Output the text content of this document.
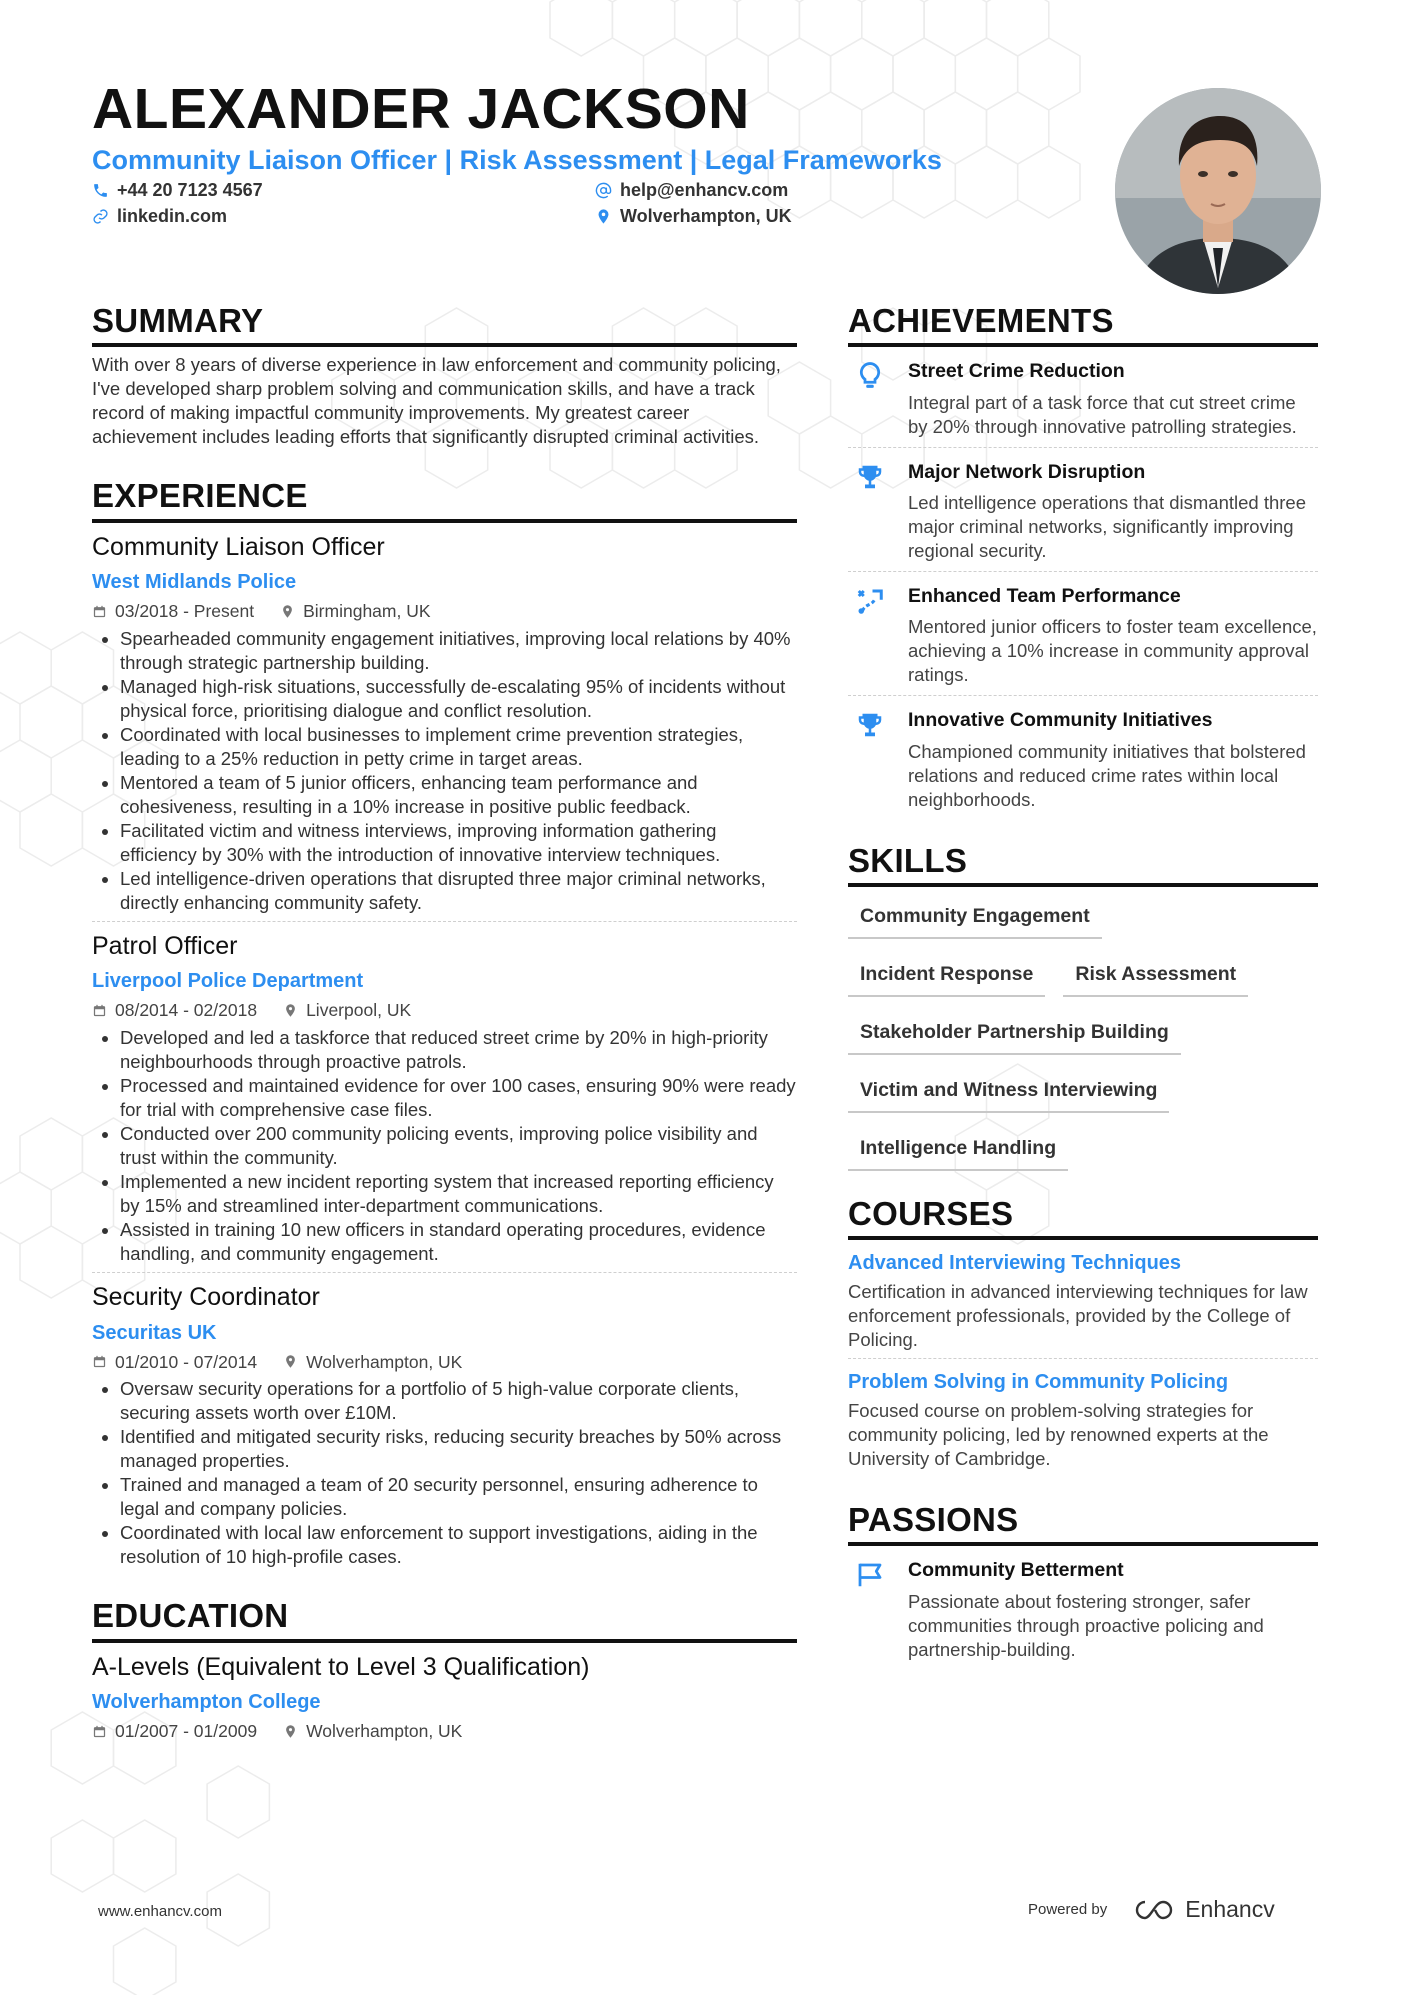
ALEXANDER JACKSON
Community Liaison Officer | Risk Assessment | Legal Frameworks
+44 20 7123 4567	help@enhancv.com
linkedin.com	Wolverhampton, UK
SUMMARY

With over 8 years of diverse experience in law enforcement and community policing, I've developed sharp problem solving and communication skills, and have a track record of making impactful community improvements. My greatest career achievement includes leading efforts that significantly disrupted criminal activities.

EXPERIENCE
Community Liaison Officer
West Midlands Police
03/2018 - Present	Birmingham, UK
• Spearheaded community engagement initiatives, improving local relations by 40% through strategic partnership building.
• Managed high-risk situations, successfully de-escalating 95% of incidents without physical force, prioritising dialogue and conflict resolution.
• Coordinated with local businesses to implement crime prevention strategies, leading to a 25% reduction in petty crime in target areas.
• Mentored a team of 5 junior officers, enhancing team performance and cohesiveness, resulting in a 10% increase in positive public feedback.
• Facilitated victim and witness interviews, improving information gathering efficiency by 30% with the introduction of innovative interview techniques.
• Led intelligence-driven operations that disrupted three major criminal networks, directly enhancing community safety.
Patrol Officer
Liverpool Police Department
08/2014 - 02/2018	Liverpool, UK
• Developed and led a taskforce that reduced street crime by 20% in high-priority neighbourhoods through proactive patrols.
• Processed and maintained evidence for over 100 cases, ensuring 90% were ready for trial with comprehensive case files.
• Conducted over 200 community policing events, improving police visibility and trust within the community.
• Implemented a new incident reporting system that increased reporting efficiency by 15% and streamlined inter-department communications.
• Assisted in training 10 new officers in standard operating procedures, evidence handling, and community engagement.
Security Coordinator
Securitas UK
01/2010 - 07/2014	Wolverhampton, UK
• Oversaw security operations for a portfolio of 5 high-value corporate clients, securing assets worth over £10M.
• Identified and mitigated security risks, reducing security breaches by 50% across managed properties.
• Trained and managed a team of 20 security personnel, ensuring adherence to legal and company policies.
• Coordinated with local law enforcement to support investigations, aiding in the resolution of 10 high-profile cases.
EDUCATION
A-Levels (Equivalent to Level 3 Qualification)
Wolverhampton College
01/2007 - 01/2009	Wolverhampton, UK
ACHIEVEMENTS
Street Crime Reduction
Integral part of a task force that cut street crime by 20% through innovative patrolling strategies.
Major Network Disruption
Led intelligence operations that dismantled three major criminal networks, significantly improving regional security.
Enhanced Team Performance
Mentored junior officers to foster team excellence, achieving a 10% increase in community approval ratings.
Innovative Community Initiatives
Championed community initiatives that bolstered relations and reduced crime rates within local neighborhoods.
SKILLS
Community Engagement
Incident Response	Risk Assessment
Stakeholder Partnership Building
Victim and Witness Interviewing
Intelligence Handling
COURSES
Advanced Interviewing Techniques
Certification in advanced interviewing techniques for law enforcement professionals, provided by the College of Policing.
Problem Solving in Community Policing
Focused course on problem-solving strategies for community policing, led by renowned experts at the University of Cambridge.
PASSIONS
Community Betterment
Passionate about fostering stronger, safer communities through proactive policing and partnership-building.
www.enhancv.com	Powered by	Enhancv
